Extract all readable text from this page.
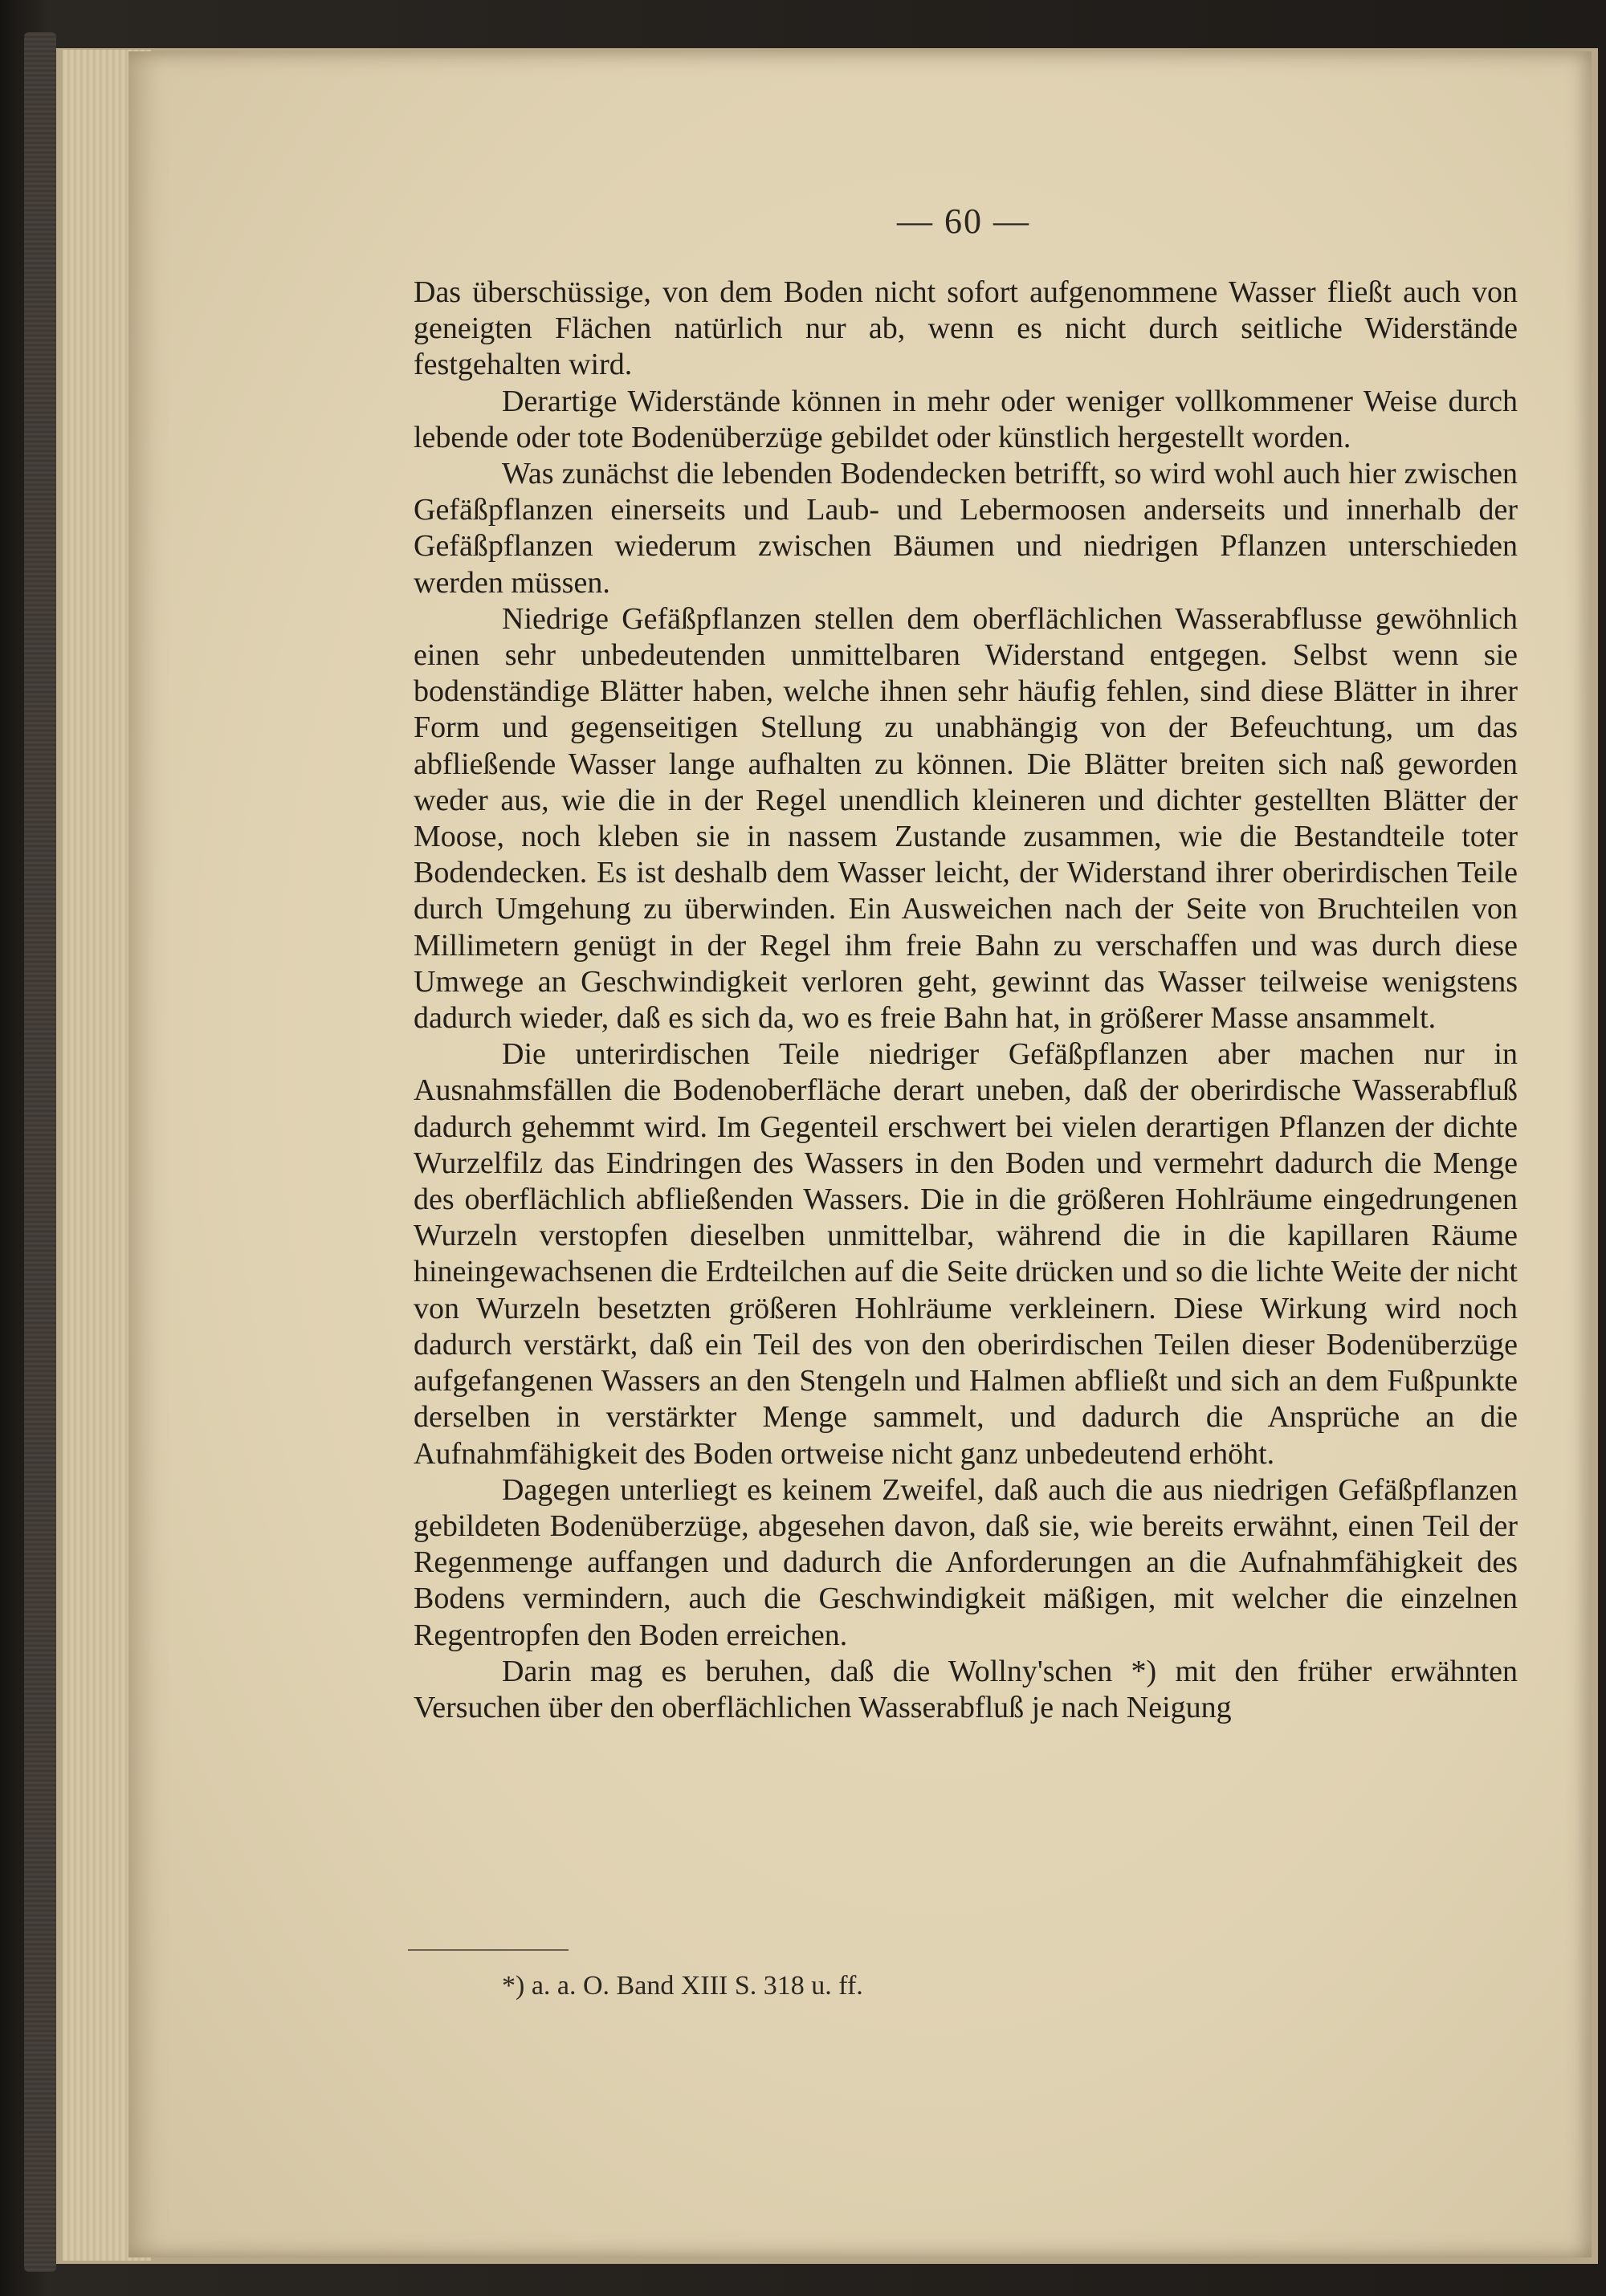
— 60 —

Das überschüssige, von dem Boden nicht sofort aufgenommene Wasser fließt auch von geneigten Flächen natürlich nur ab, wenn es nicht durch seitliche Widerstände festgehalten wird.

Derartige Widerstände können in mehr oder weniger vollkommener Weise durch lebende oder tote Bodenüberzüge gebildet oder künstlich hergestellt worden.

Was zunächst die lebenden Bodendecken betrifft, so wird wohl auch hier zwischen Gefäßpflanzen einerseits und Laub- und Lebermoosen anderseits und innerhalb der Gefäßpflanzen wiederum zwischen Bäumen und niedrigen Pflanzen unterschieden werden müssen.

Niedrige Gefäßpflanzen stellen dem oberflächlichen Wasserabflusse gewöhnlich einen sehr unbedeutenden unmittelbaren Widerstand entgegen. Selbst wenn sie bodenständige Blätter haben, welche ihnen sehr häufig fehlen, sind diese Blätter in ihrer Form und gegenseitigen Stellung zu unabhängig von der Befeuchtung, um das abfließende Wasser lange aufhalten zu können. Die Blätter breiten sich naß geworden weder aus, wie die in der Regel unendlich kleineren und dichter gestellten Blätter der Moose, noch kleben sie in nassem Zustande zusammen, wie die Bestandteile toter Bodendecken. Es ist deshalb dem Wasser leicht, der Widerstand ihrer oberirdischen Teile durch Umgehung zu überwinden. Ein Ausweichen nach der Seite von Bruchteilen von Millimetern genügt in der Regel ihm freie Bahn zu verschaffen und was durch diese Umwege an Geschwindigkeit verloren geht, gewinnt das Wasser teilweise wenigstens dadurch wieder, daß es sich da, wo es freie Bahn hat, in größerer Masse ansammelt.

Die unterirdischen Teile niedriger Gefäßpflanzen aber machen nur in Ausnahmsfällen die Bodenoberfläche derart uneben, daß der oberirdische Wasserabfluß dadurch gehemmt wird. Im Gegenteil erschwert bei vielen derartigen Pflanzen der dichte Wurzelfilz das Eindringen des Wassers in den Boden und vermehrt dadurch die Menge des oberflächlich abfließenden Wassers. Die in die größeren Hohlräume eingedrungenen Wurzeln verstopfen dieselben unmittelbar, während die in die kapillaren Räume hineingewachsenen die Erdteilchen auf die Seite drücken und so die lichte Weite der nicht von Wurzeln besetzten größeren Hohlräume verkleinern. Diese Wirkung wird noch dadurch verstärkt, daß ein Teil des von den oberirdischen Teilen dieser Bodenüberzüge aufgefangenen Wassers an den Stengeln und Halmen abfließt und sich an dem Fußpunkte derselben in verstärkter Menge sammelt, und dadurch die Ansprüche an die Aufnahmfähigkeit des Boden ortweise nicht ganz unbedeutend erhöht.

Dagegen unterliegt es keinem Zweifel, daß auch die aus niedrigen Gefäßpflanzen gebildeten Bodenüberzüge, abgesehen davon, daß sie, wie bereits erwähnt, einen Teil der Regenmenge auffangen und dadurch die Anforderungen an die Aufnahmfähigkeit des Bodens vermindern, auch die Geschwindigkeit mäßigen, mit welcher die einzelnen Regentropfen den Boden erreichen.

Darin mag es beruhen, daß die Wollny'schen *) mit den früher erwähnten Versuchen über den oberflächlichen Wasserabfluß je nach Neigung

*) a. a. O. Band XIII S. 318 u. ff.
